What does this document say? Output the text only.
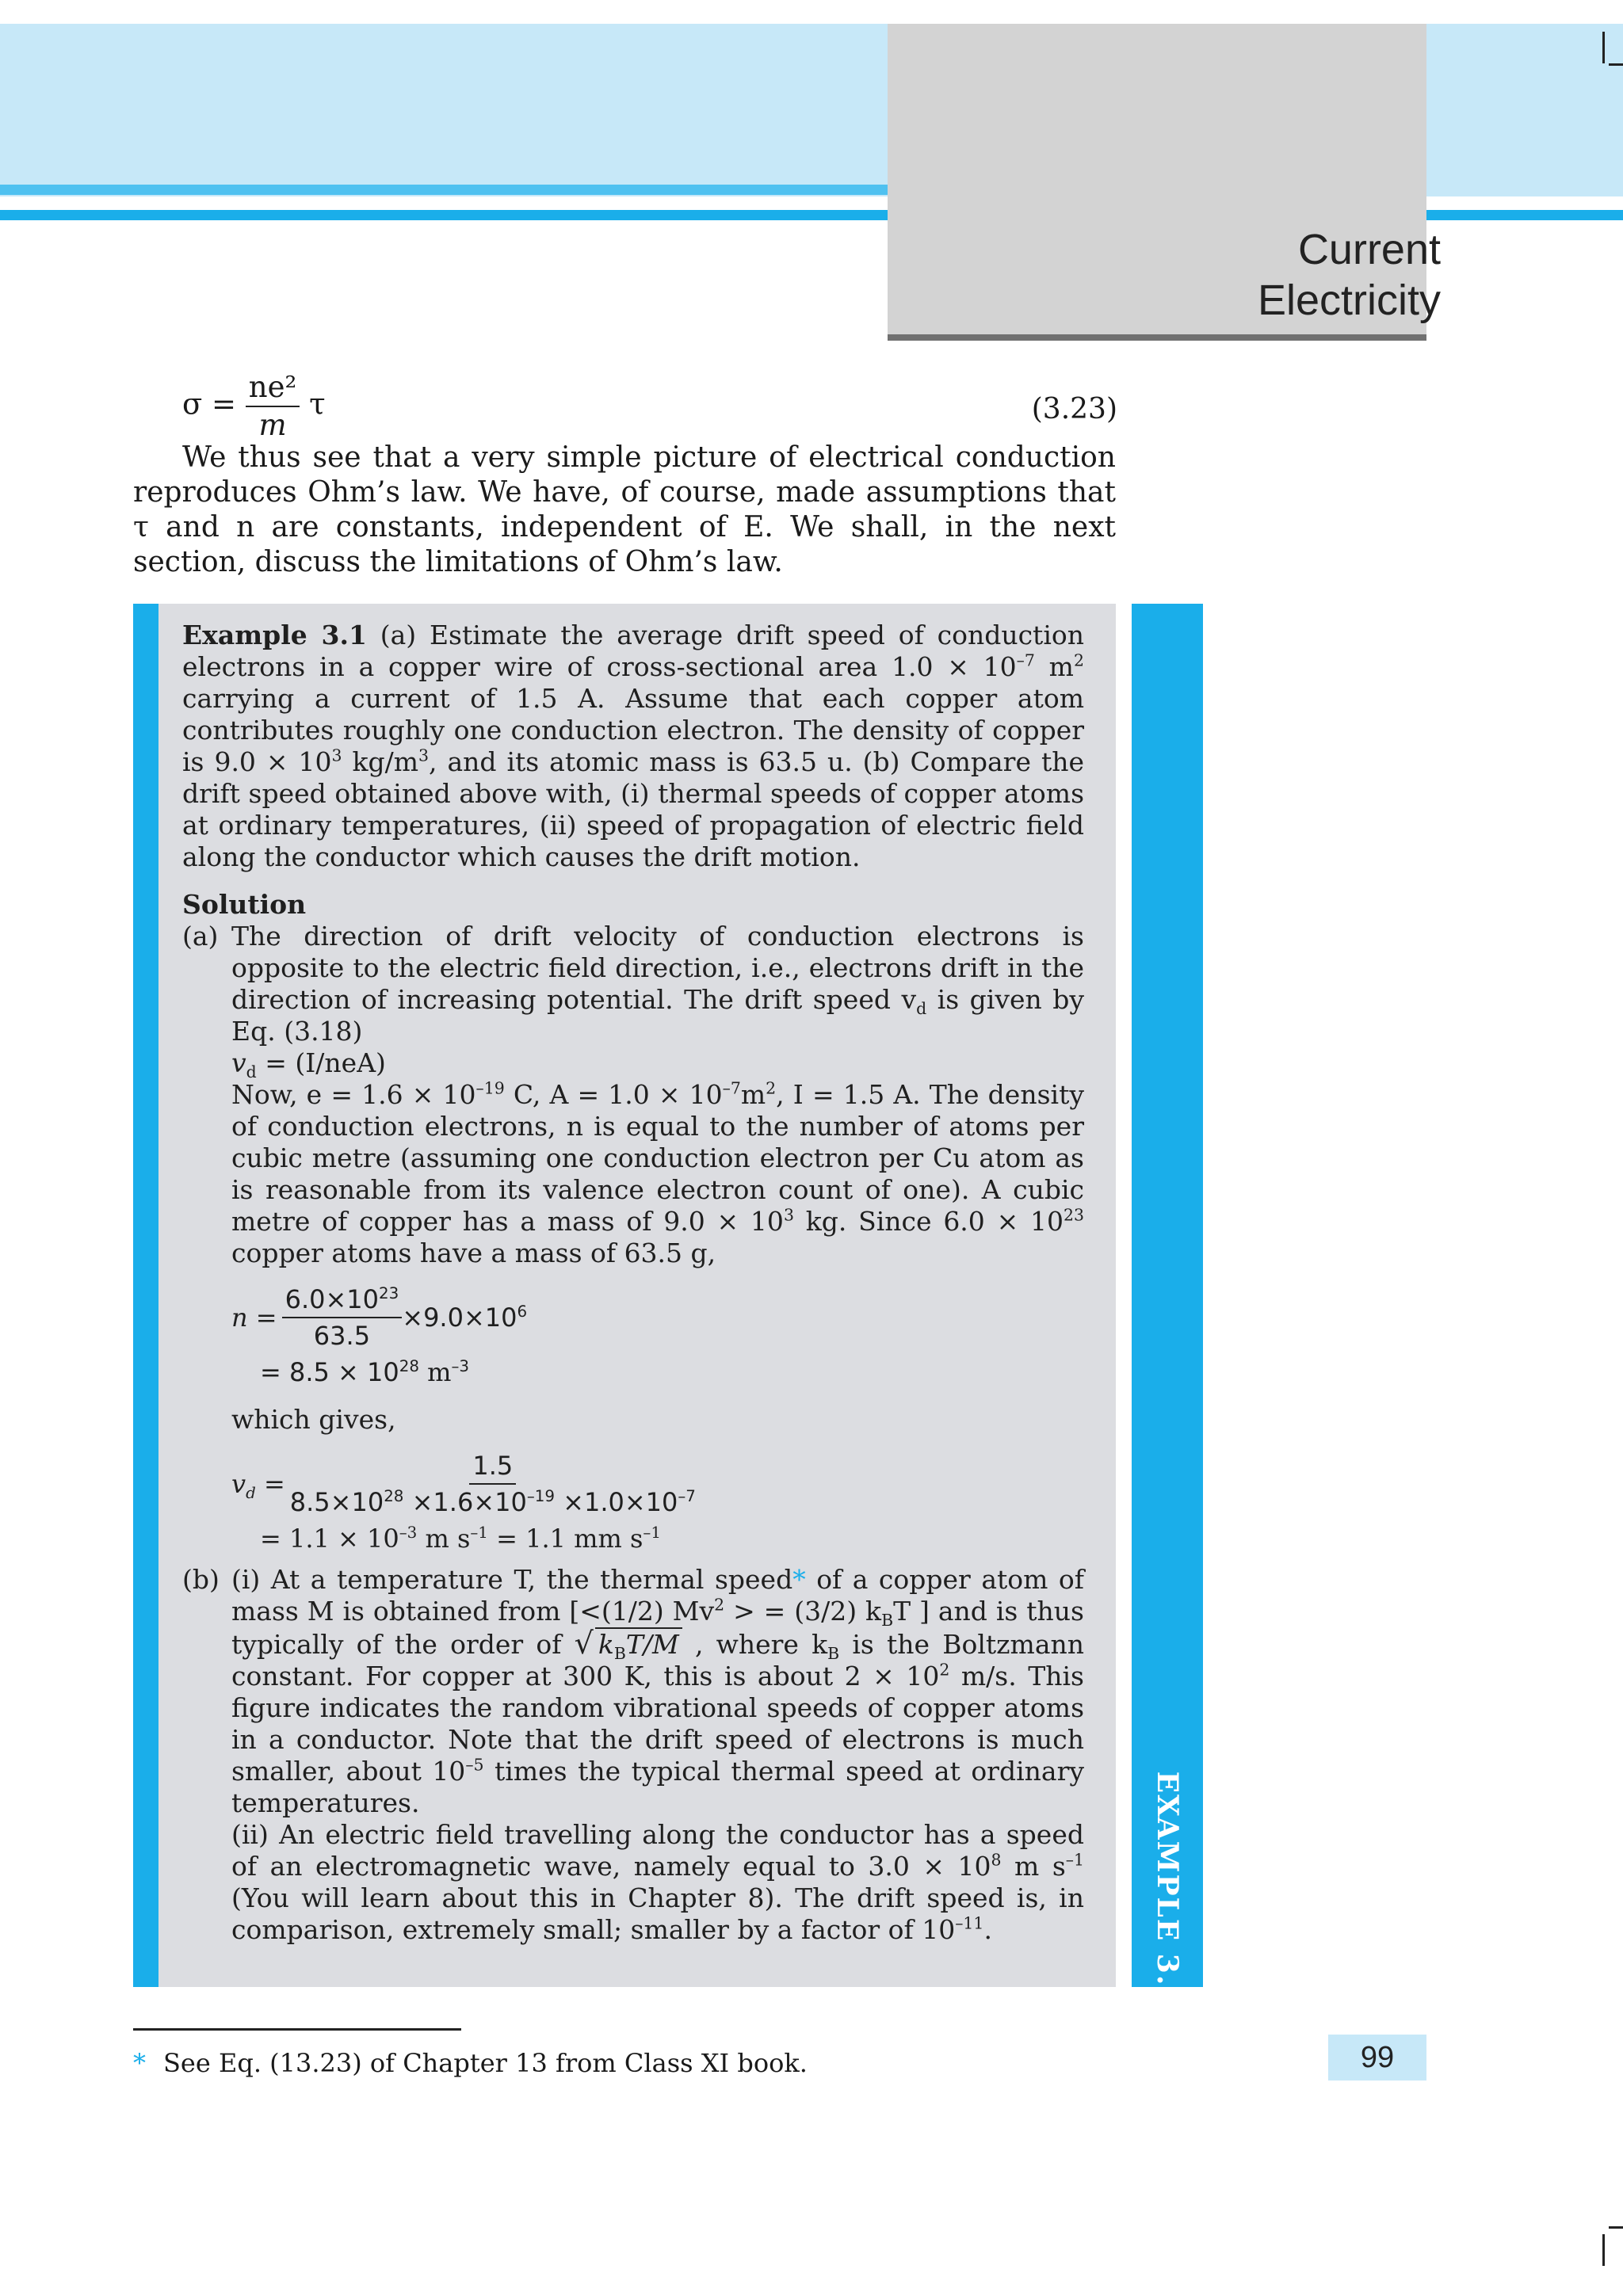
Current
Electricity
$\sigma = \frac{\text{ne²}}{m}$ τ	(3.23)

We thus see that a very simple picture of electrical conduction reproduces Ohm’s law. We have, of course, made assumptions that τ and n are constants, independent of E. We shall, in the next section, discuss the limitations of Ohm’s law.

EXAMPLE 3.1

Example 3.1 (a) Estimate the average drift speed of conduction electrons in a copper wire of cross-sectional area $1.0 \times 10^{-7}$ $m^2$ carrying a current of 1.5 A. Assume that each copper atom contributes roughly one conduction electron. The density of copper is $9.0 \times 10^3$ $kg/m^3$, and its atomic mass is 63.5 u. (b) Compare the drift speed obtained above with, (i) thermal speeds of copper atoms at ordinary temperatures, (ii) speed of propagation of electric field along the conductor which causes the drift motion.

Solution

(a) The direction of drift velocity of conduction electrons is opposite to the electric field direction, i.e., electrons drift in the direction of increasing potential. The drift speed $v_d$ is given by Eq. (3.18)

$v_d = (I/neA)$

Now, $e = 1.6 \times 10^{-19}$ C, $A = 1.0 \times 10^{-7}m^2$, I = 1.5 A. The density of conduction electrons, n is equal to the number of atoms per cubic metre (assuming one conduction electron per Cu atom as is reasonable from its valence electron count of one). A cubic metre of copper has a mass of $9.0 \times 10^3$ kg. Since $6.0 \times 10^{23}$ copper atoms have a mass of 63.5 g,

$n = \frac{6.0\times 10^{23}}{63.5} \times 9.0\times 10^6$
= $8.5 \times 10^{28}$ $m^{-3}$

which gives,

$v_d = \frac{1.5}{8.5\times 10^{28} \times 1.6\times 10^{-19} \times 1.0\times 10^{-7}}$
= $1.1 \times 10^{-3}$ m $s^{-1} = 1.1$ mm $s^{-1}$
(b) (i) At a temperature T, the thermal speed* of a copper atom of mass M is obtained from [<(1/2) $Mv^2$ > = (3/2) $k_BT$ ] and is thus typically of the order of √ $k_BT/M$ , where $k_B$ is the Boltzmann constant. For copper at 300 K, this is about $2 \times 10^2$ m/s. This figure indicates the random vibrational speeds of copper atoms in a conductor. Note that the drift speed of electrons is much smaller, about $10^{-5}$ times the typical thermal speed at ordinary temperatures.

(ii) An electric field travelling along the conductor has a speed of an electromagnetic wave, namely equal to $3.0 \times 10^8$ m $s^{-1}$ (You will learn about this in Chapter 8). The drift speed is, in comparison, extremely small; smaller by a factor of $10^{-11}$.

* See Eq. (13.23) of Chapter 13 from Class XI book.	99
